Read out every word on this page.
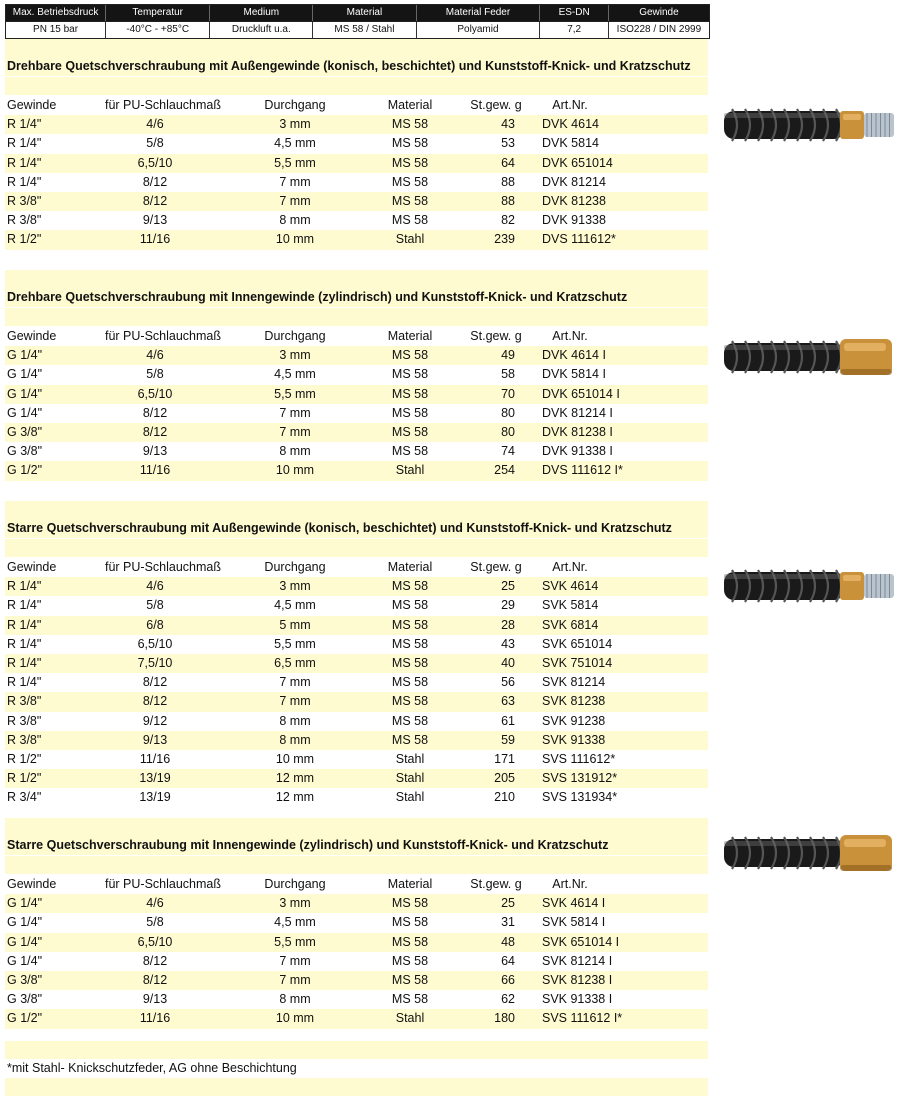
Max. Betriebsdruck	Temperatur	Medium	Material	Material Feder	ES-DN	Gewinde
PN 15 bar	-40°C - +85°C	Druckluft u.a.	MS 58 / Stahl	Polyamid	7,2	ISO228 / DIN 2999
Drehbare Quetschverschraubung mit Außengewinde (konisch, beschichtet) und Kunststoff-Knick- und Kratzschutz
Gewinde	für PU-Schlauchmaß	Durchgang	Material	St.gew. g	Art.Nr.
R 1/4"	4/6	3 mm	MS 58	43 DVK 4614
R 1/4"	5/8	4,5 mm	MS 58	53 DVK 5814
R 1/4"	6,5/10	5,5 mm	MS 58	64 DVK 651014
R 1/4"	8/12	7 mm	MS 58	88 DVK 81214
R 3/8"	8/12	7 mm	MS 58	88 DVK 81238
R 3/8"	9/13	8 mm	MS 58	82 DVK 91338
R 1/2"	11/16	10 mm	Stahl	239 DVS 111612*
Drehbare Quetschverschraubung mit Innengewinde (zylindrisch) und Kunststoff-Knick- und Kratzschutz
Gewinde	für PU-Schlauchmaß	Durchgang	Material	St.gew. g	Art.Nr.
G 1/4"	4/6	3 mm	MS 58	49 DVK 4614 I
G 1/4"	5/8	4,5 mm	MS 58	58 DVK 5814 I
G 1/4"	6,5/10	5,5 mm	MS 58	70 DVK 651014 I
G 1/4"	8/12	7 mm	MS 58	80 DVK 81214 I
G 3/8"	8/12	7 mm	MS 58	80 DVK 81238 I
G 3/8"	9/13	8 mm	MS 58	74 DVK 91338 I
G 1/2"	11/16	10 mm	Stahl	254 DVS 111612 I*
Starre Quetschverschraubung mit Außengewinde (konisch, beschichtet) und Kunststoff-Knick- und Kratzschutz
Gewinde	für PU-Schlauchmaß	Durchgang	Material	St.gew. g	Art.Nr.
R 1/4"	4/6	3 mm	MS 58	25 SVK 4614
R 1/4"	5/8	4,5 mm	MS 58	29 SVK 5814
R 1/4"	6/8	5 mm	MS 58	28 SVK 6814
R 1/4"	6,5/10	5,5 mm	MS 58	43 SVK 651014
R 1/4"	7,5/10	6,5 mm	MS 58	40 SVK 751014
R 1/4"	8/12	7 mm	MS 58	56 SVK 81214
R 3/8"	8/12	7 mm	MS 58	63 SVK 81238
R 3/8"	9/12	8 mm	MS 58	61 SVK 91238
R 3/8"	9/13	8 mm	MS 58	59 SVK 91338
R 1/2"	11/16	10 mm	Stahl	171 SVS 111612*
R 1/2"	13/19	12 mm	Stahl	205 SVS 131912*
R 3/4"	13/19	12 mm	Stahl	210 SVS 131934*
Starre Quetschverschraubung mit Innengewinde (zylindrisch) und Kunststoff-Knick- und Kratzschutz
Gewinde	für PU-Schlauchmaß	Durchgang	Material	St.gew. g	Art.Nr.
G 1/4"	4/6	3 mm	MS 58	25 SVK 4614 I
G 1/4"	5/8	4,5 mm	MS 58	31 SVK 5814 I
G 1/4"	6,5/10	5,5 mm	MS 58	48 SVK 651014 I
G 1/4"	8/12	7 mm	MS 58	64 SVK 81214 I
G 3/8"	8/12	7 mm	MS 58	66 SVK 81238 I
G 3/8"	9/13	8 mm	MS 58	62 SVK 91338 I
G 1/2"	11/16	10 mm	Stahl	180 SVS 111612 I*
*mit Stahl- Knickschutzfeder, AG ohne Beschichtung
